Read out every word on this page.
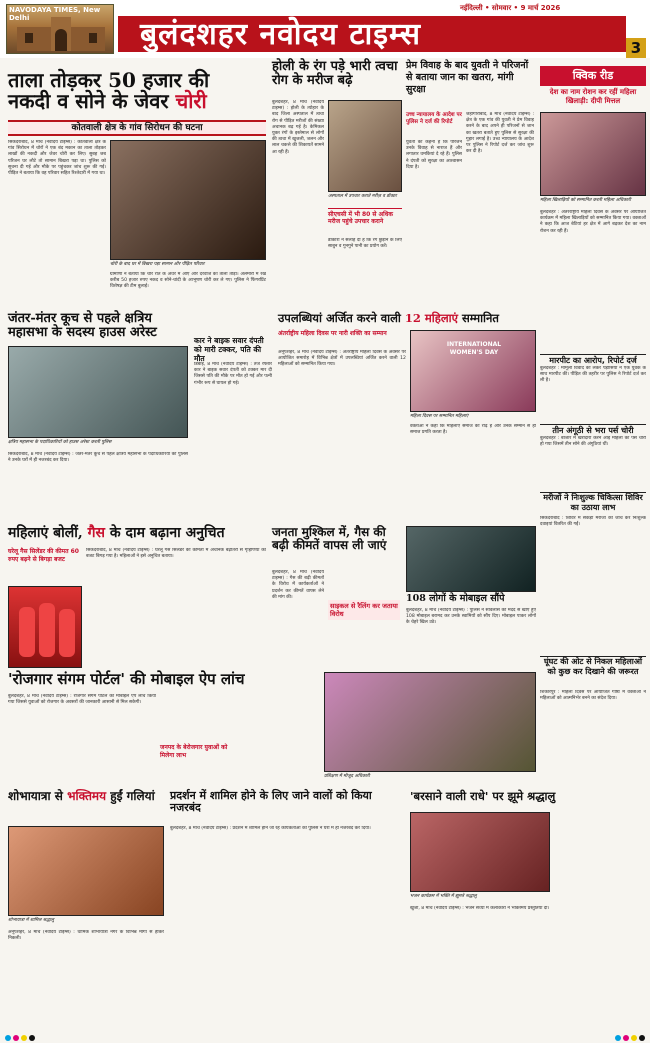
NAVODAYA TIMES, New Delhi	बुलंदशहर नवोदय टाइम्स
नईदिल्ली • सोमवार • 9 मार्च 2026
3
ताला तोड़कर 50 हजार की
नकदी व सोने के जेवर चोरी
कोतवाली क्षेत्र के गांव सिरोधन की घटना
सिकंदराबाद, 8 मार्च (नवोदय टाइम्स) : कोतवाली क्षेत्र के गांव सिरोधन में चोरों ने एक बंद मकान का ताला तोड़कर लाखों की नकदी और जेवर चोरी कर लिए। सुबह जब परिजन घर लौटे तो सामान बिखरा पड़ा था। पुलिस को सूचना दी गई और मौके पर पहुंचकर जांच शुरू की गई। पीड़ित ने बताया कि वह परिवार सहित रिश्तेदारी में गया था।
चोरी के बाद घर में बिखरा पड़ा सामान और पीड़ित परिवार
ग्रामीणों ने बताया कि चोर रात के अंधेरे में आए और दरवाजे का ताला तोड़ा। अलमारी में रखे करीब 50 हजार रुपए नकद व सोने-चांदी के आभूषण चोरी कर ले गए। पुलिस ने फिंगरप्रिंट विशेषज्ञ की टीम बुलाई।
होली के रंग पड़े भारी त्वचा रोग के मरीज बढ़े
बुलंदशहर, 8 मार्च (नवोदय टाइम्स) : होली के त्योहार के बाद जिला अस्पताल में त्वचा रोग से पीड़ित मरीजों की संख्या अचानक बढ़ गई है। केमिकल युक्त रंगों के इस्तेमाल से लोगों की त्वचा में खुजली, जलन और लाल चकत्ते की शिकायतें सामने आ रही हैं।
अस्पताल में उपचार कराते मरीज़ व डॉक्टर
सीएचसी में भी 80 से अधिक मरीज पहुंचे उपचार कराने
डॉक्टरों ने सलाह दी है कि रंग छुड़ाने के लिए साबुन व गुनगुने पानी का प्रयोग करें।
प्रेम विवाह के बाद युवती ने परिजनों से बताया जान का खतरा, मांगी सुरक्षा
उच्च न्यायालय के आदेश पर पुलिस ने दर्ज की रिपोर्ट
जहांगीराबाद, 8 मार्च (नवोदय टाइम्स) : क्षेत्र के एक गांव की युवती ने प्रेम विवाह करने के बाद अपने ही परिजनों से जान का खतरा बताते हुए पुलिस से सुरक्षा की गुहार लगाई है। उच्च न्यायालय के आदेश पर पुलिस ने रिपोर्ट दर्ज कर जांच शुरू कर दी है।
युवती का कहना है कि परिजन उनके विवाह से नाराज हैं और लगातार धमकियां दे रहे हैं। पुलिस ने दंपती को सुरक्षा का आश्वासन दिया है।
क्विक रीड
देश का नाम रोशन कर रहीं महिला खिलाड़ी: दीपी मित्तल
महिला खिलाड़ियों को सम्मानित करती महिला अधिकारी
बुलंदशहर : अंतरराष्ट्रीय महिला दिवस के अवसर पर आयोजित कार्यक्रम में महिला खिलाड़ियों को सम्मानित किया गया। वक्ताओं ने कहा कि आज बेटियां हर क्षेत्र में आगे बढ़कर देश का नाम रोशन कर रही हैं।
मारपीट का आरोप, रिपोर्ट दर्ज
बुलंदशहर : मामूली विवाद को लेकर पड़ोसियों ने एक युवक के साथ मारपीट की। पीड़ित की तहरीर पर पुलिस ने रिपोर्ट दर्ज कर ली है।
तीन अंगूठी से भरा पर्स चोरी
बुलंदशहर : बाजार में खरीदारी करने आई महिला का पर्स चोरी हो गया जिसमें तीन सोने की अंगूठियां थीं।
मरीजों ने निःशुल्क चिकित्सा शिविर का उठाया लाभ
सिकंदराबाद : शिविर में सैकड़ों मरीजों की जांच कर निःशुल्क दवाइयां वितरित की गईं।
घूंघट की ओट से निकल महिलाओं को कुछ कर दिखाने की जरूरत
शिकारपुर : महिला दिवस पर आयोजित गोष्ठी में वक्ताओं ने महिलाओं को आत्मनिर्भर बनने का संदेश दिया।
जंतर-मंतर कूच से पहले क्षत्रिय महासभा के सदस्य हाउस अरेस्ट
क्षत्रिय महासभा के पदाधिकारियों को हाउस अरेस्ट करती पुलिस
सिकंदराबाद, 8 मार्च (नवोदय टाइम्स) : जंतर-मंतर कूच से पहले क्षत्रिय महासभा के पदाधिकारियों को पुलिस ने उनके घरों में ही नजरबंद कर दिया।
कार ने बाइक सवार दंपती को मारी टक्कर, पति की मौत
डिबाई, 8 मार्च (नवोदय टाइम्स) : तेज रफ्तार कार ने बाइक सवार दंपती को टक्कर मार दी जिससे पति की मौके पर मौत हो गई और पत्नी गंभीर रूप से घायल हो गई।
उपलब्धियां अर्जित करने वाली 12 महिलाएं सम्मानित
अंतर्राष्ट्रीय महिला दिवस पर नारी शक्ति का सम्मान
INTERNATIONAL WOMEN'S DAY
महिला दिवस पर सम्मानित महिलाएं
अनूपशहर, 8 मार्च (नवोदय टाइम्स) : अंतर्राष्ट्रीय महिला दिवस के अवसर पर आयोजित समारोह में विभिन्न क्षेत्रों में उपलब्धियां अर्जित करने वाली 12 महिलाओं को सम्मानित किया गया।
वक्ताओं ने कहा कि महिलाएं समाज की रीढ़ हैं और उनके सम्मान से ही समाज प्रगति करता है।
महिलाएं बोलीं, गैस के दाम बढ़ाना अनुचित
घरेलू गैस सिलेंडर की कीमत 60 रुपए बढ़ने से बिगड़ा बजट
सिकंदराबाद, 8 मार्च (नवोदय टाइम्स) : घरेलू गैस सिलेंडर की कीमतों में अचानक बढ़ोतरी से गृहिणियों का बजट बिगड़ गया है। महिलाओं ने इसे अनुचित बताया।
जनता मुश्किल में, गैस की बढ़ी कीमतें वापस ली जाएं
साइकल से रैलिंग कर जताया विरोध
बुलंदशहर, 8 मार्च (नवोदय टाइम्स) : गैस की बढ़ी कीमतों के विरोध में कार्यकर्ताओं ने प्रदर्शन कर कीमतें वापस लेने की मांग की।	108 लोगों के मोबाइल सौंपे
बुलंदशहर, 8 मार्च (नवोदय टाइम्स) : पुलिस ने सर्विलांस की मदद से खोए हुए 108 मोबाइल बरामद कर उनके स्वामियों को सौंप दिए। मोबाइल पाकर लोगों के चेहरे खिल उठे।
'रोजगार संगम पोर्टल' की मोबाइल ऐप लांच
जनपद के बेरोजगार युवाओं को मिलेगा लाभ
प्रशिक्षण में मौजूद अधिकारी
बुलंदशहर, 8 मार्च (नवोदय टाइम्स) : रोजगार संगम पोर्टल का मोबाइल ऐप लांच किया गया जिससे युवाओं को रोजगार के अवसरों की जानकारी आसानी से मिल सकेगी।
शोभायात्रा से भक्तिमय हुईं गलियां
शोभायात्रा में शामिल श्रद्धालु
अनूपशहर, 8 मार्च (नवोदय टाइम्स) : धार्मिक शोभायात्रा नगर के विभिन्न मार्गों से होकर निकली।
प्रदर्शन में शामिल होने के लिए जाने वालों को किया नजरबंद
बुलंदशहर, 8 मार्च (नवोदय टाइम्स) : प्रदर्शन में शामिल होने जा रहे कार्यकर्ताओं को पुलिस ने घरों में ही नजरबंद कर दिया।
'बरसाने वाली राधे' पर झूमे श्रद्धालु
भजन कार्यक्रम में भक्ति में झूमते श्रद्धालु
खुर्जा, 8 मार्च (नवोदय टाइम्स) : भजन संध्या में कलाकारों ने भक्तिमय प्रस्तुतियां दीं।
